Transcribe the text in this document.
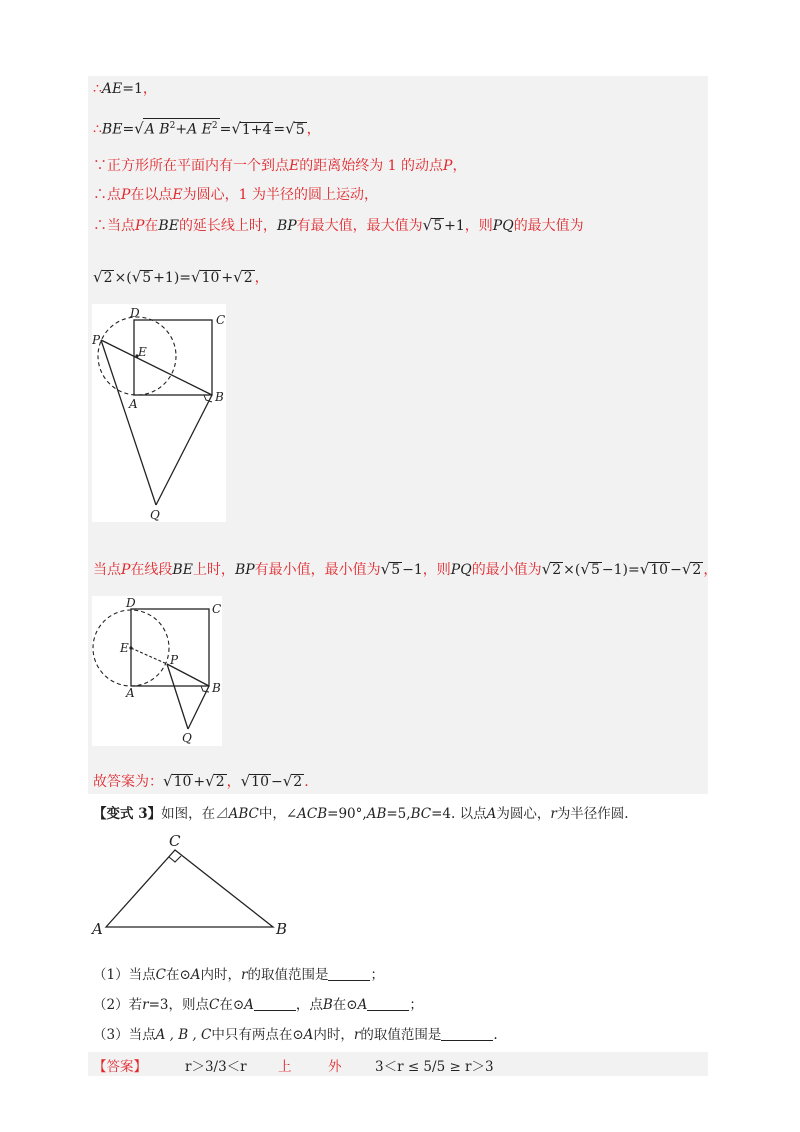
∴AE=1，
∴BE=√A $B^2+A$ $E^2 =√1+4 =√5$ ，
∵正方形所在平面内有一个到点E的距离始终为 1 的动点P，
∴点P在以点E为圆心，1 为半径的圆上运动，
∴当点P在BE的延长线上时，BP有最大值，最大值为√5 +1，则PQ的最大值为
√2 ×(√5 +1)=√10 +√2 ，
D	C
P
E
A	B
Q
当点P在线段BE上时，BP有最小值，最小值为√5 −1，则PQ的最小值为√2 ×(√5 −1)=√10 −√2 ，
D	C
E
P
A	B
Q
故答案为：√10 +√2 ，√10 −√2 .
【变式 3】如图，在⊿ABC中，∠ACB=90°,AB=5,BC=4. 以点A为圆心，r为半径作圆.
A	B
C
（1）当点C在⊙A内时，r的取值范围是	；
（2）若r=3，则点C在⊙A	，点B在⊙A	；
（3）当点A , B , C中只有两点在⊙A内时，r的取值范围是	.
【答案】	r＞3/3＜r 上	外 3＜r ≤ 5/5 ≥ r＞3
